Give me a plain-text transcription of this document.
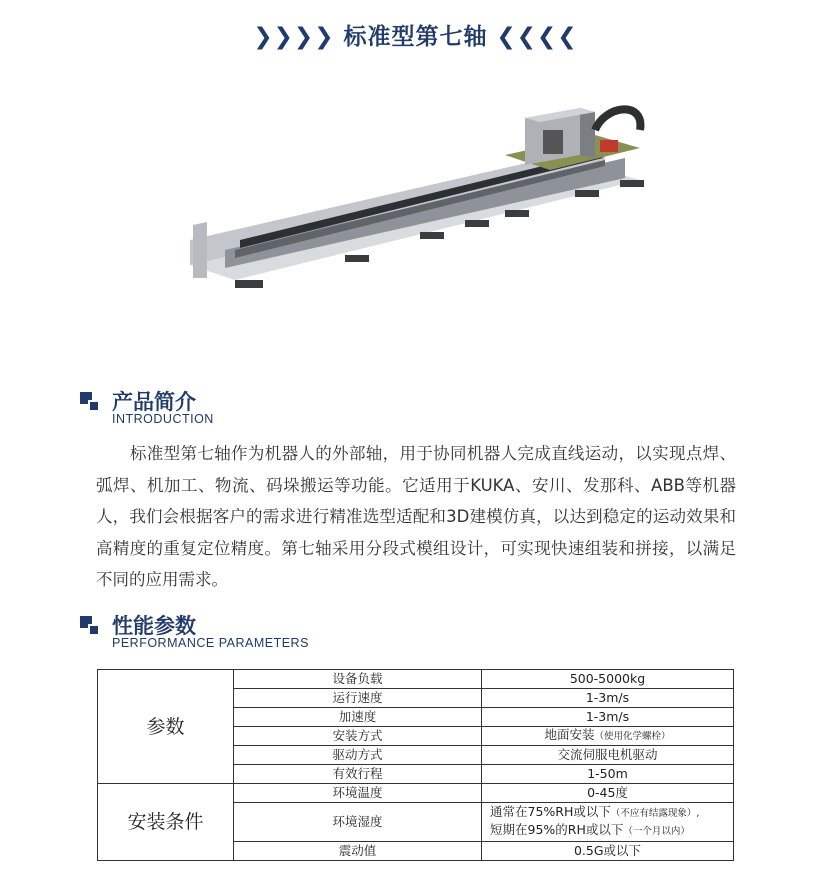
❯❯❯❯ 标准型第七轴 ❮❮❮❮
产品简介
INTRODUCTION
标准型第七轴作为机器人的外部轴，用于协同机器人完成直线运动，以实现点焊、弧焊、机加工、物流、码垛搬运等功能。它适用于KUKA、安川、发那科、ABB等机器人，我们会根据客户的需求进行精准选型适配和3D建模仿真，以达到稳定的运动效果和高精度的重复定位精度。第七轴采用分段式模组设计，可实现快速组装和拼接，以满足不同的应用需求。
性能参数
PERFORMANCE PARAMETERS
参数	设备负载	500-5000kg
	运行速度	1-3m/s
	加速度	1-3m/s
	安装方式	地面安装（使用化学螺栓）
	驱动方式	交流伺服电机驱动
	有效行程	1-50m
安装条件	环境温度	0-45度
	环境湿度	通常在75%RH或以下（不应有结露现象）,
短期在95%的RH或以下（一个月以内）

	震动值	0.5G或以下
